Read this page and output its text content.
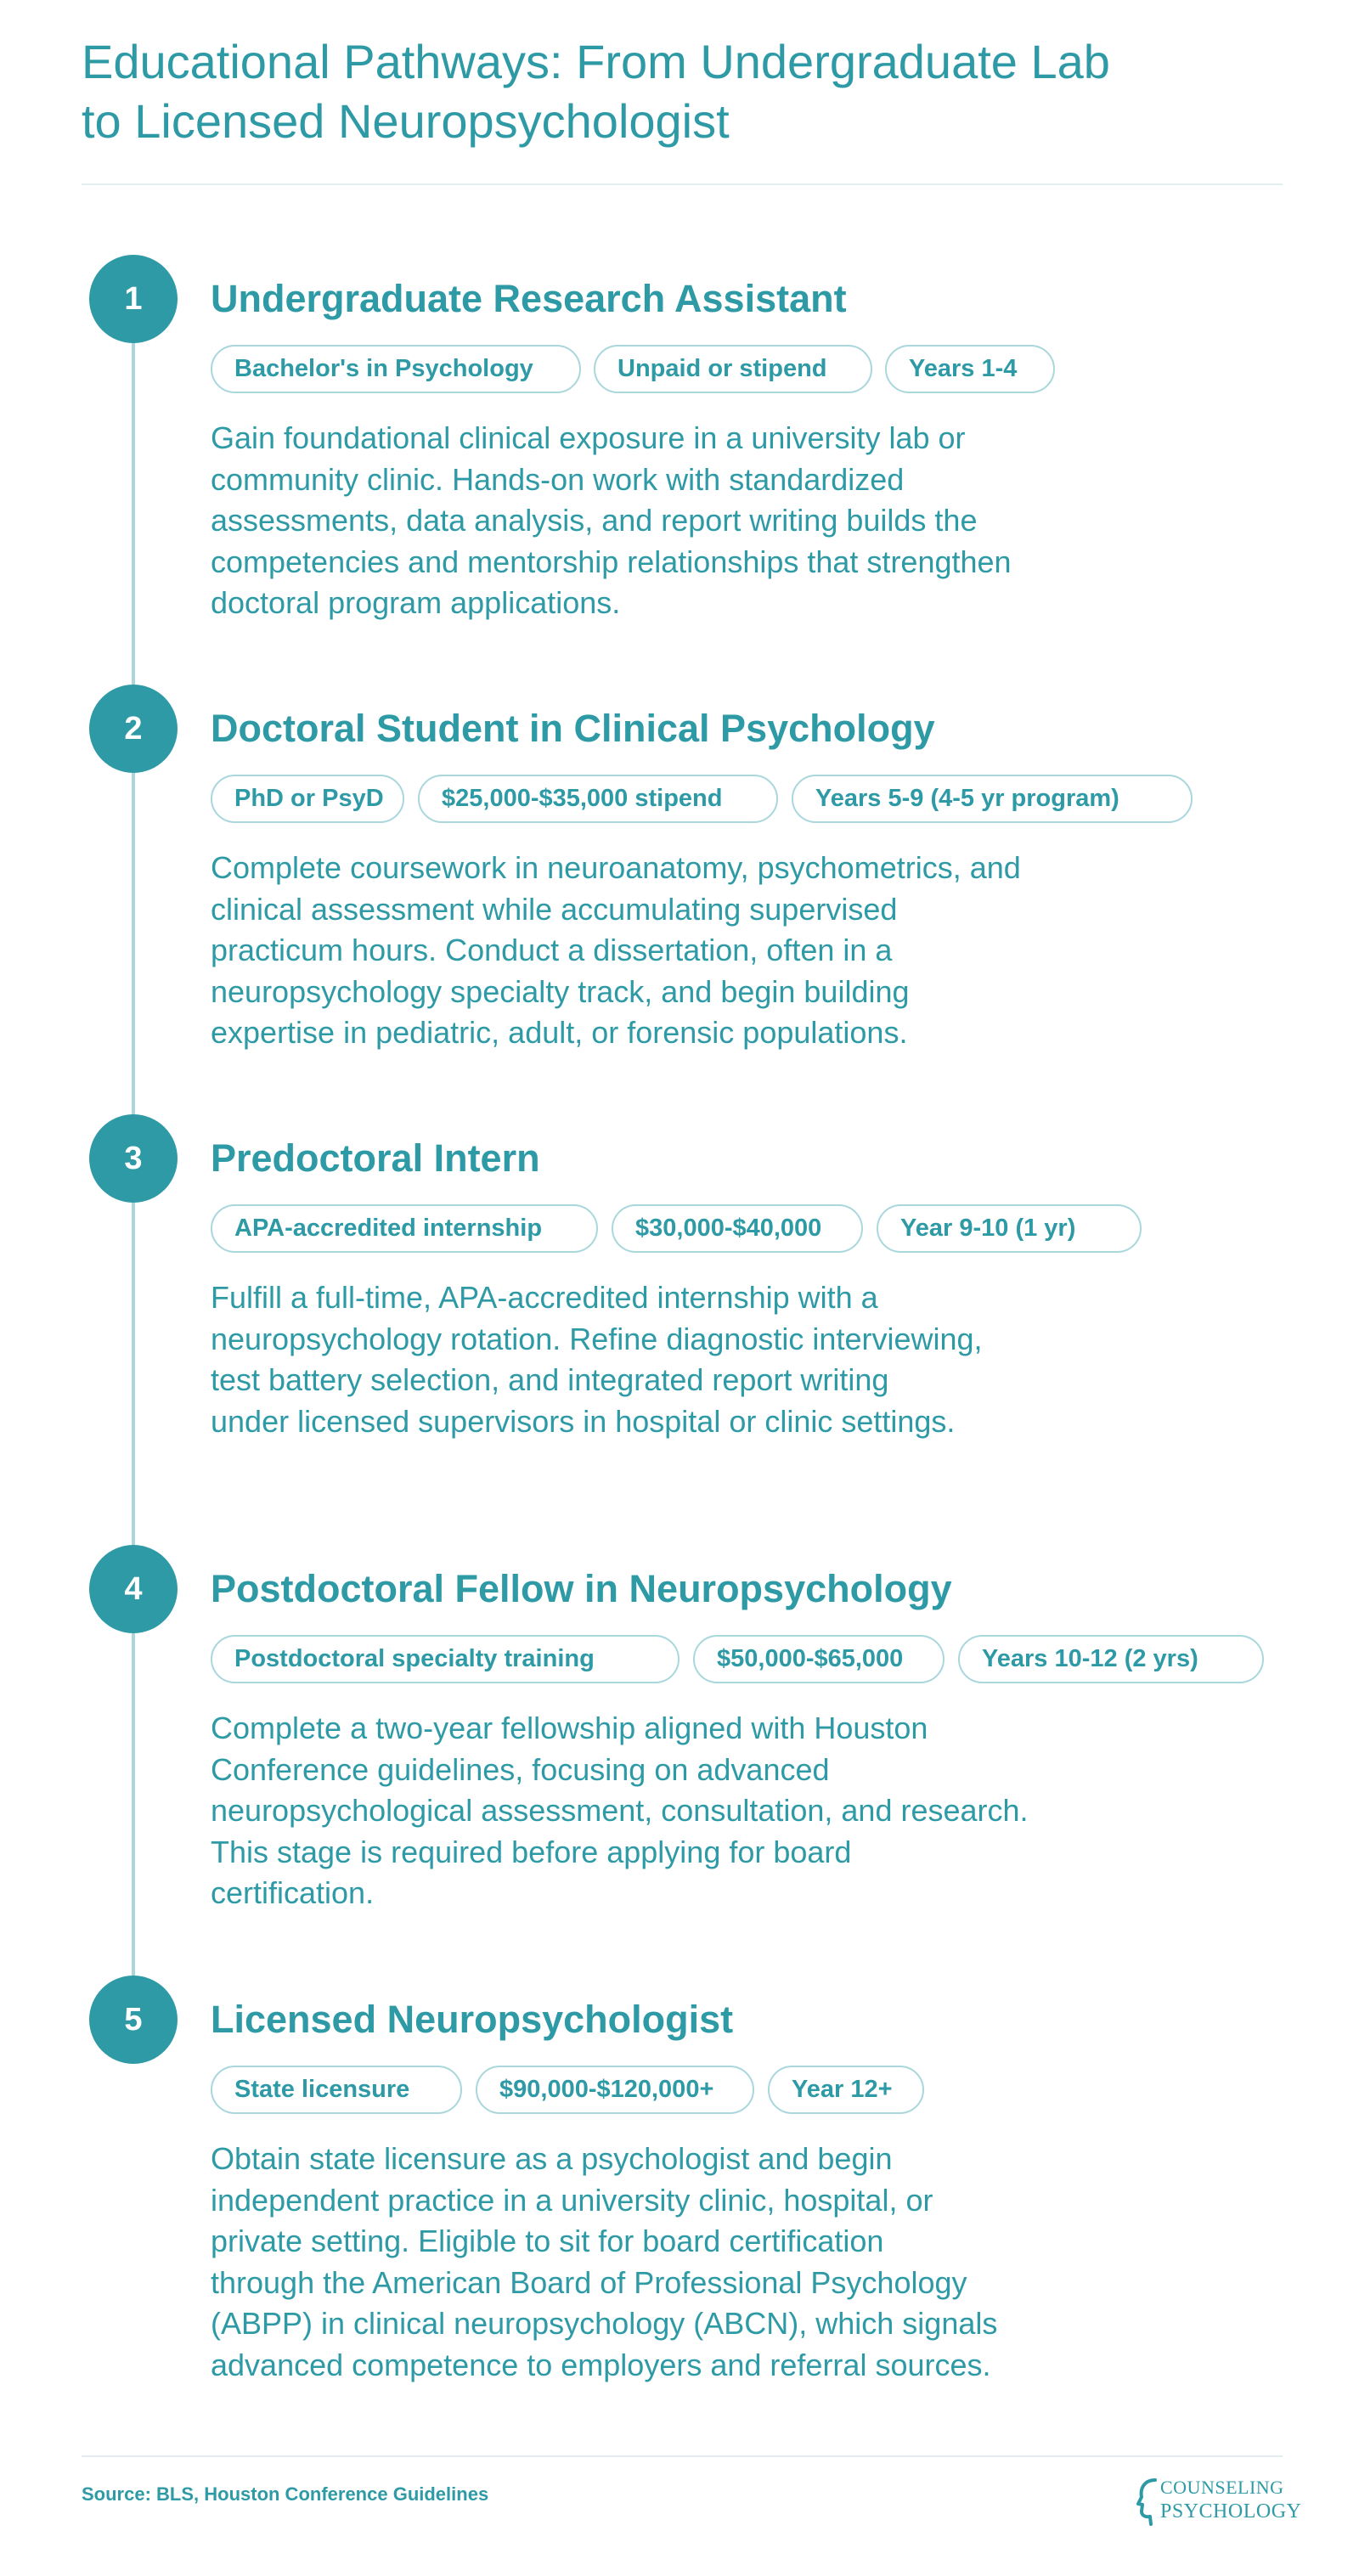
Educational Pathways: From Undergraduate Lab
to Licensed Neuropsychologist
1	Undergraduate Research Assistant
Bachelor's in Psychology	Unpaid or stipend	Years 1-4
Gain foundational clinical exposure in a university lab or
community clinic. Hands-on work with standardized
assessments, data analysis, and report writing builds the
competencies and mentorship relationships that strengthen
doctoral program applications.
2	Doctoral Student in Clinical Psychology
PhD or PsyD	$25,000-$35,000 stipend	Years 5-9 (4-5 yr program)
Complete coursework in neuroanatomy, psychometrics, and
clinical assessment while accumulating supervised
practicum hours. Conduct a dissertation, often in a
neuropsychology specialty track, and begin building
expertise in pediatric, adult, or forensic populations.
3	Predoctoral Intern
APA-accredited internship	$30,000-$40,000	Year 9-10 (1 yr)
Fulfill a full-time, APA-accredited internship with a
neuropsychology rotation. Refine diagnostic interviewing,
test battery selection, and integrated report writing
under licensed supervisors in hospital or clinic settings.
4	Postdoctoral Fellow in Neuropsychology
Postdoctoral specialty training	$50,000-$65,000	Years 10-12 (2 yrs)
Complete a two-year fellowship aligned with Houston
Conference guidelines, focusing on advanced
neuropsychological assessment, consultation, and research.
This stage is required before applying for board
certification.
5	Licensed Neuropsychologist
State licensure	$90,000-$120,000+	Year 12+
Obtain state licensure as a psychologist and begin
independent practice in a university clinic, hospital, or
private setting. Eligible to sit for board certification
through the American Board of Professional Psychology
(ABPP) in clinical neuropsychology (ABCN), which signals
advanced competence to employers and referral sources.
Source: BLS, Houston Conference Guidelines	COUNSELING
PSYCHOLOGY
